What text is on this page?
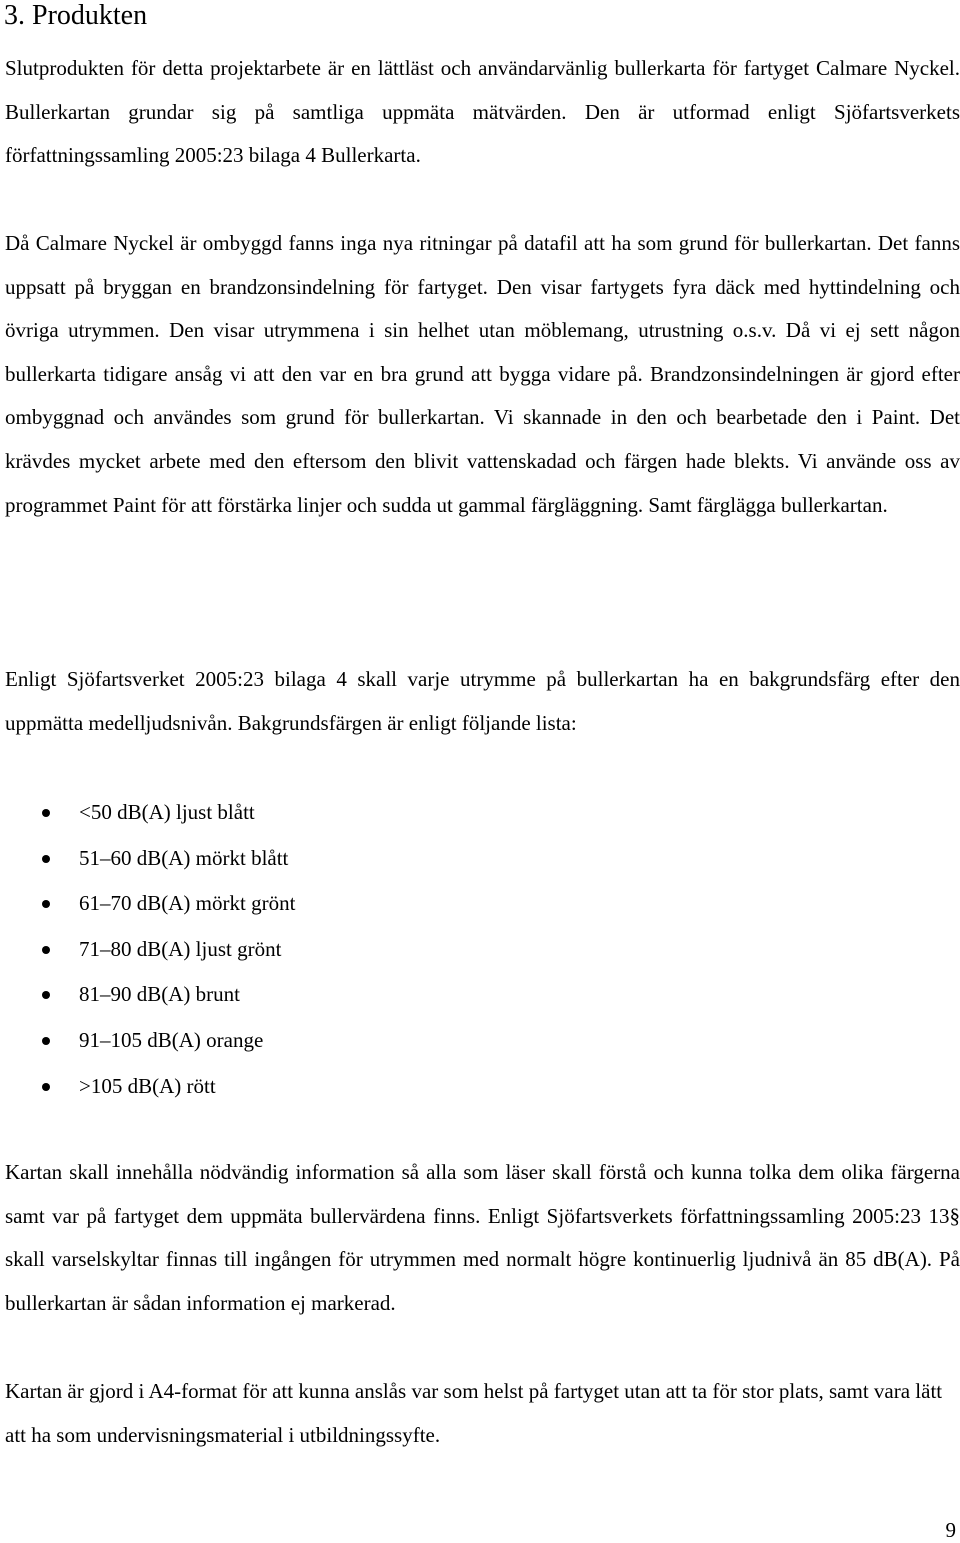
3. Produkten

Slutprodukten för detta projektarbete är en lättläst och användarvänlig bullerkarta för fartyget Calmare Nyckel. Bullerkartan grundar sig på samtliga uppmäta mätvärden. Den är utformad enligt Sjöfartsverkets författningssamling 2005:23 bilaga 4 Bullerkarta.

Då Calmare Nyckel är ombyggd fanns inga nya ritningar på datafil att ha som grund för bullerkartan. Det fanns uppsatt på bryggan en brandzonsindelning för fartyget. Den visar fartygets fyra däck med hyttindelning och övriga utrymmen. Den visar utrymmena i sin helhet utan möblemang, utrustning o.s.v. Då vi ej sett någon bullerkarta tidigare ansåg vi att den var en bra grund att bygga vidare på. Brandzonsindelningen är gjord efter ombyggnad och användes som grund för bullerkartan. Vi skannade in den och bearbetade den i Paint. Det krävdes mycket arbete med den eftersom den blivit vattenskadad och färgen hade blekts. Vi använde oss av programmet Paint för att förstärka linjer och sudda ut gammal färgläggning. Samt färglägga bullerkartan.

Enligt Sjöfartsverket 2005:23 bilaga 4 skall varje utrymme på bullerkartan ha en bakgrundsfärg efter den uppmätta medelljudsnivån. Bakgrundsfärgen är enligt följande lista:

<50 dB(A) ljust blått
51–60 dB(A) mörkt blått
61–70 dB(A) mörkt grönt
71–80 dB(A) ljust grönt
81–90 dB(A) brunt
91–105 dB(A) orange
>105 dB(A) rött

Kartan skall innehålla nödvändig information så alla som läser skall förstå och kunna tolka dem olika färgerna samt var på fartyget dem uppmäta bullervärdena finns. Enligt Sjöfartsverkets författningssamling 2005:23 13§ skall varselskyltar finnas till ingången för utrymmen med normalt högre kontinuerlig ljudnivå än 85 dB(A). På bullerkartan är sådan information ej markerad.

Kartan är gjord i A4-format för att kunna anslås var som helst på fartyget utan att ta för stor plats, samt vara lätt att ha som undervisningsmaterial i utbildningssyfte.

9
